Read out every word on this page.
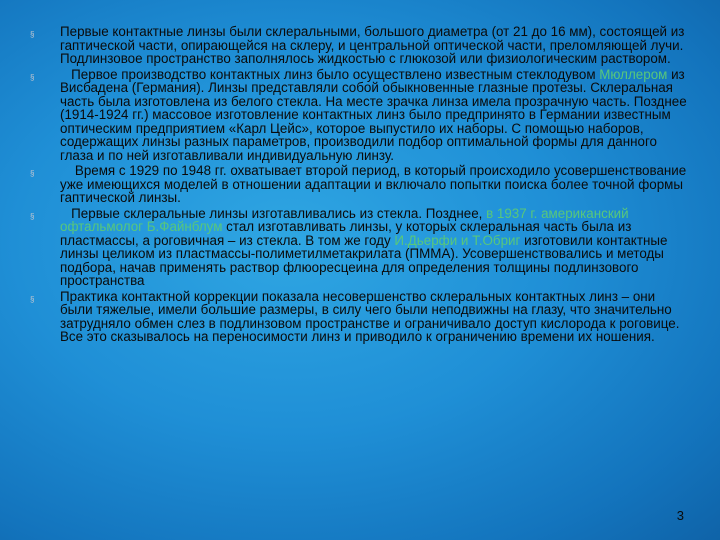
§ Первые контактные линзы были склеральными, большого диаметра (от 21 до 16 мм), состоящей из гаптической части, опирающейся на склеру, и центральной оптической части, преломляющей лучи. Подлинзовое пространство заполнялось жидкостью с глюкозой или физиологическим раствором.

§ Первое производство контактных линз было осуществлено известным стеклодувом Мюллером из Висбадена (Германия). Линзы представляли собой обыкновенные глазные протезы. Склеральная часть была изготовлена из белого стекла. На месте зрачка линза имела прозрачную часть. Позднее (1914-1924 гг.) массовое изготовление контактных линз было предпринято в Германии известным оптическим предприятием «Карл Цейс», которое выпустило их наборы. С помощью наборов, содержащих линзы разных параметров, производили подбор оптимальной формы для данного глаза и по ней изготавливали индивидуальную линзу.

§ Время с 1929 по 1948 гг. охватывает второй период, в который происходило усовершенствование уже имеющихся моделей в отношении адаптации и включало попытки поиска более точной формы гаптической линзы.

§ Первые склеральные линзы изготавливались из стекла. Позднее, в 1937 г. американский офтальмолог Б.Файнблум стал изготавливать линзы, у которых склеральная часть была из пластмассы, а роговичная – из стекла. В том же году И.Дьерфи и Т.Обриг изготовили контактные линзы целиком из пластмассы-полиметилметакрилата (ПММА). Усовершенствовались и методы подбора, начав применять раствор флюоресцеина для определения толщины подлинзового пространства

§ Практика контактной коррекции показала несовершенство склеральных контактных линз – они были тяжелые, имели большие размеры, в силу чего были неподвижны на глазу, что значительно затрудняло обмен слез в подлинзовом пространстве и ограничивало доступ кислорода к роговице. Все это сказывалось на переносимости линз и приводило к ограничению времени их ношения.

3
